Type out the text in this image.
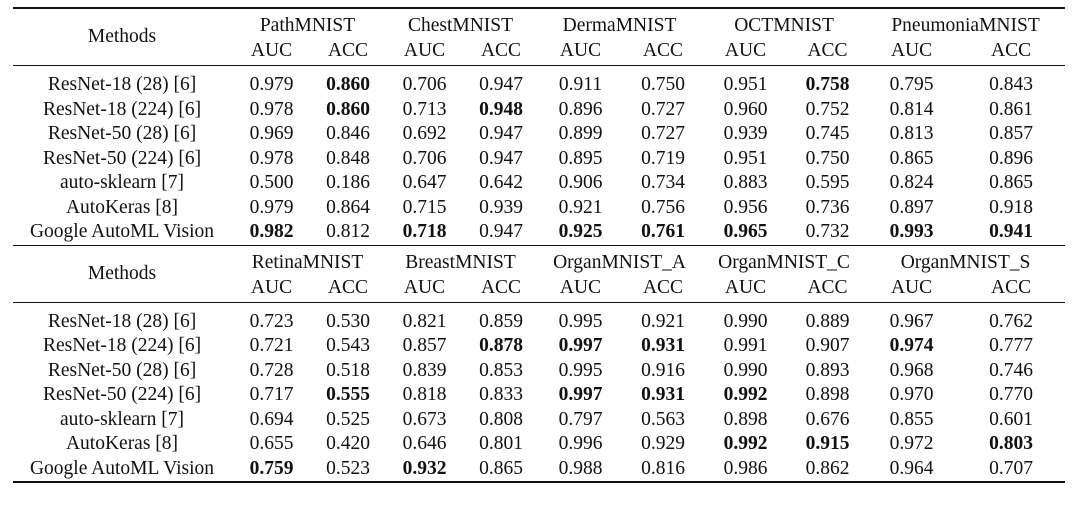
Methods	PathMNIST		ChestMNIST		DermaMNIST		OCTMNIST		PneumoniaMNIST	
	AUC	ACC	AUC	ACC	AUC	ACC	AUC	ACC	AUC	ACC

ResNet-18 (28) [6]	0.979	0.860	0.706	0.947	0.911	0.750	0.951	0.758	0.795	0.843
ResNet-18 (224) [6]	0.978	0.860	0.713	0.948	0.896	0.727	0.960	0.752	0.814	0.861
ResNet-50 (28) [6]	0.969	0.846	0.692	0.947	0.899	0.727	0.939	0.745	0.813	0.857
ResNet-50 (224) [6]	0.978	0.848	0.706	0.947	0.895	0.719	0.951	0.750	0.865	0.896
auto-sklearn [7]	0.500	0.186	0.647	0.642	0.906	0.734	0.883	0.595	0.824	0.865
AutoKeras [8]	0.979	0.864	0.715	0.939	0.921	0.756	0.956	0.736	0.897	0.918
Google AutoML Vision	0.982	0.812	0.718	0.947	0.925	0.761	0.965	0.732	0.993	0.941
Methods	RetinaMNIST		BreastMNIST		OrganMNIST_A		OrganMNIST_C		OrganMNIST_S	
	AUC	ACC	AUC	ACC	AUC	ACC	AUC	ACC	AUC	ACC

ResNet-18 (28) [6]	0.723	0.530	0.821	0.859	0.995	0.921	0.990	0.889	0.967	0.762
ResNet-18 (224) [6]	0.721	0.543	0.857	0.878	0.997	0.931	0.991	0.907	0.974	0.777
ResNet-50 (28) [6]	0.728	0.518	0.839	0.853	0.995	0.916	0.990	0.893	0.968	0.746
ResNet-50 (224) [6]	0.717	0.555	0.818	0.833	0.997	0.931	0.992	0.898	0.970	0.770
auto-sklearn [7]	0.694	0.525	0.673	0.808	0.797	0.563	0.898	0.676	0.855	0.601
AutoKeras [8]	0.655	0.420	0.646	0.801	0.996	0.929	0.992	0.915	0.972	0.803
Google AutoML Vision	0.759	0.523	0.932	0.865	0.988	0.816	0.986	0.862	0.964	0.707
